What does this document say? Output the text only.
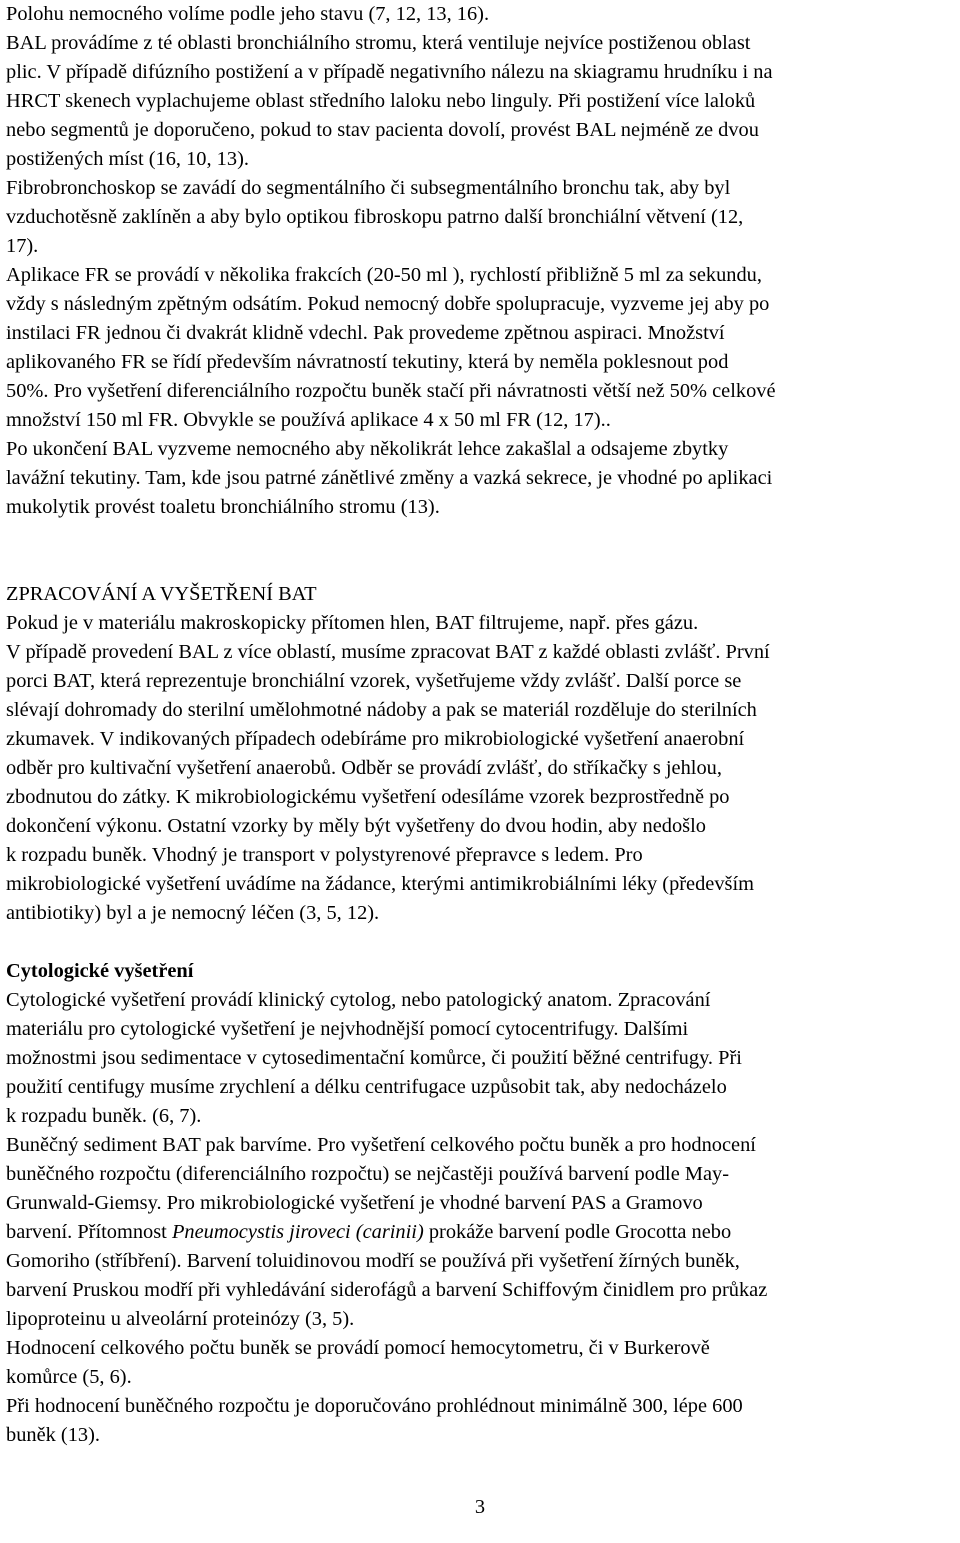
Polohu nemocného volíme podle jeho stavu (7, 12, 13, 16).

BAL provádíme z té oblasti bronchiálního stromu, která ventiluje nejvíce postiženou oblast
plic. V případě difúzního postižení a v případě negativního nálezu na skiagramu hrudníku i na
HRCT skenech vyplachujeme oblast středního laloku nebo linguly. Při postižení více laloků
nebo segmentů je doporučeno, pokud to stav pacienta dovolí, provést BAL nejméně ze dvou
postižených míst (16, 10, 13).

Fibrobronchoskop se zavádí do segmentálního či subsegmentálního bronchu tak, aby byl
vzduchotěsně zaklíněn a aby bylo optikou fibroskopu patrno další bronchiální větvení (12,
17).

Aplikace FR se provádí v několika frakcích (20-50 ml ), rychlostí přibližně 5 ml za sekundu,
vždy s následným zpětným odsátím. Pokud nemocný dobře spolupracuje, vyzveme jej aby po
instilaci FR jednou či dvakrát klidně vdechl. Pak provedeme zpětnou aspiraci. Množství
aplikovaného FR se řídí především návratností tekutiny, která by neměla poklesnout pod
50%. Pro vyšetření diferenciálního rozpočtu buněk stačí při návratnosti větší než 50% celkové
množství 150 ml FR. Obvykle se používá aplikace 4 x 50 ml FR (12, 17)..

Po ukončení BAL vyzveme nemocného aby několikrát lehce zakašlal a odsajeme zbytky
lavážní tekutiny. Tam, kde jsou patrné zánětlivé změny a vazká sekrece, je vhodné po aplikaci
mukolytik provést toaletu bronchiálního stromu (13).

ZPRACOVÁNÍ A VYŠETŘENÍ BAT

Pokud je v materiálu makroskopicky přítomen hlen, BAT filtrujeme, např. přes gázu.

V případě provedení BAL z více oblastí, musíme zpracovat BAT z každé oblasti zvlášť. První
porci BAT, která reprezentuje bronchiální vzorek, vyšetřujeme vždy zvlášť. Další porce se
slévají dohromady do sterilní umělohmotné nádoby a pak se materiál rozděluje do sterilních
zkumavek. V indikovaných případech odebíráme pro mikrobiologické vyšetření anaerobní
odběr pro kultivační vyšetření anaerobů. Odběr se provádí zvlášť, do stříkačky s jehlou,
zbodnutou do zátky. K mikrobiologickému vyšetření odesíláme vzorek bezprostředně po
dokončení výkonu. Ostatní vzorky by měly být vyšetřeny do dvou hodin, aby nedošlo
k rozpadu buněk. Vhodný je transport v polystyrenové přepravce s ledem. Pro
mikrobiologické vyšetření uvádíme na žádance, kterými antimikrobiálními léky (především
antibiotiky) byl a je nemocný léčen (3, 5, 12).

Cytologické vyšetření

Cytologické vyšetření provádí klinický cytolog, nebo patologický anatom. Zpracování
materiálu pro cytologické vyšetření je nejvhodnější pomocí cytocentrifugy. Dalšími
možnostmi jsou sedimentace v cytosedimentační komůrce, či použití běžné centrifugy. Při
použití centifugy musíme zrychlení a délku centrifugace uzpůsobit tak, aby nedocházelo
k rozpadu buněk. (6, 7).

Buněčný sediment BAT pak barvíme. Pro vyšetření celkového počtu buněk a pro hodnocení
buněčného rozpočtu (diferenciálního rozpočtu) se nejčastěji používá barvení podle May-
Grunwald-Giemsy. Pro mikrobiologické vyšetření je vhodné barvení PAS a Gramovo
barvení. Přítomnost Pneumocystis jiroveci (carinii) prokáže barvení podle Grocotta nebo
Gomoriho (stříbření). Barvení toluidinovou modří se používá při vyšetření žírných buněk,
barvení Pruskou modří při vyhledávání siderofágů a barvení Schiffovým činidlem pro průkaz
lipoproteinu u alveolární proteinózy (3, 5).

Hodnocení celkového počtu buněk se provádí pomocí hemocytometru, či v Burkerově
komůrce (5, 6).

Při hodnocení buněčného rozpočtu je doporučováno prohlédnout minimálně 300, lépe 600
buněk (13).

3
